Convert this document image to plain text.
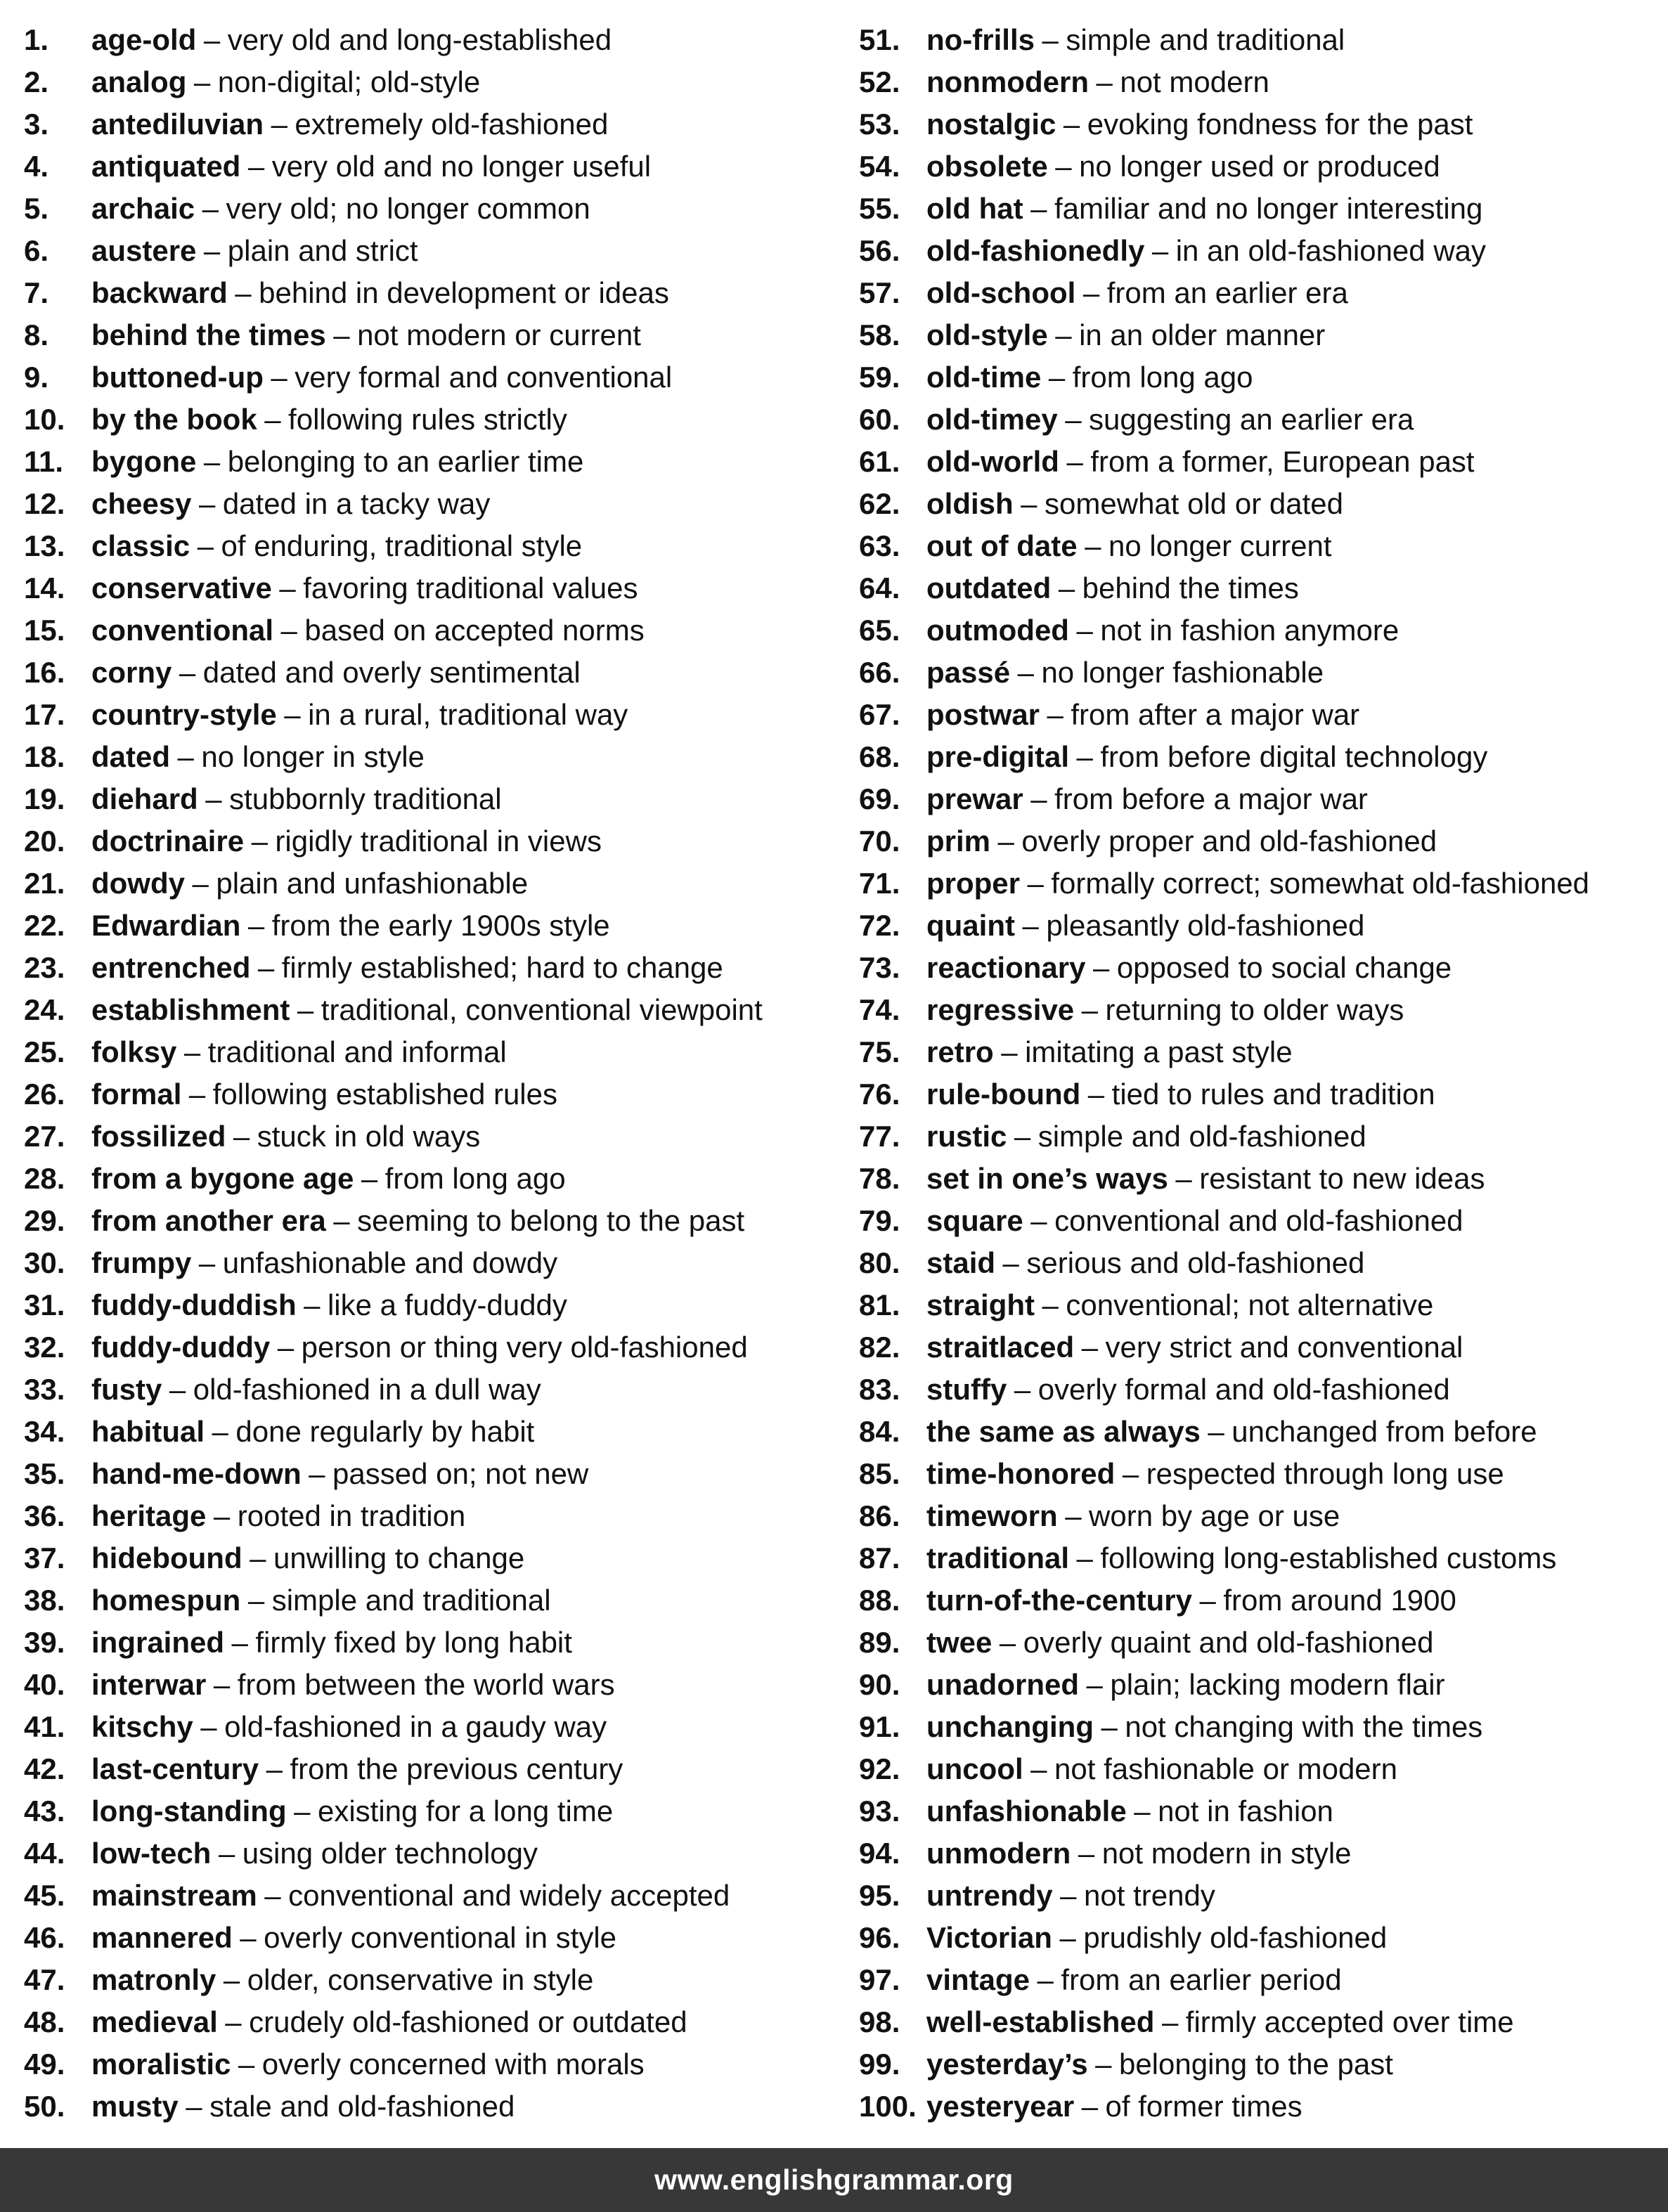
1.	age-old – very old and long-established
2.	analog – non-digital; old-style
3.	antediluvian – extremely old-fashioned
4.	antiquated – very old and no longer useful
5.	archaic – very old; no longer common
6.	austere – plain and strict
7.	backward – behind in development or ideas
8.	behind the times – not modern or current
9.	buttoned-up – very formal and conventional
10. by the book – following rules strictly
11. bygone – belonging to an earlier time
12. cheesy – dated in a tacky way
13. classic – of enduring, traditional style
14. conservative – favoring traditional values
15. conventional – based on accepted norms
16. corny – dated and overly sentimental
17. country-style – in a rural, traditional way
18. dated – no longer in style
19. diehard – stubbornly traditional
20. doctrinaire – rigidly traditional in views
21. dowdy – plain and unfashionable
22. Edwardian – from the early 1900s style
23. entrenched – firmly established; hard to change
24. establishment – traditional, conventional viewpoint
25. folksy – traditional and informal
26. formal – following established rules
27. fossilized – stuck in old ways
28. from a bygone age – from long ago
29. from another era – seeming to belong to the past
30. frumpy – unfashionable and dowdy
31. fuddy-duddish – like a fuddy-duddy
32. fuddy-duddy – person or thing very old-fashioned
33. fusty – old-fashioned in a dull way
34. habitual – done regularly by habit
35. hand-me-down – passed on; not new
36. heritage – rooted in tradition
37. hidebound – unwilling to change
38. homespun – simple and traditional
39. ingrained – firmly fixed by long habit
40. interwar – from between the world wars
41. kitschy – old-fashioned in a gaudy way
42. last-century – from the previous century
43. long-standing – existing for a long time
44. low-tech – using older technology
45. mainstream – conventional and widely accepted
46. mannered – overly conventional in style
47. matronly – older, conservative in style
48. medieval – crudely old-fashioned or outdated
49. moralistic – overly concerned with morals
50. musty – stale and old-fashioned
51. no-frills – simple and traditional
52. nonmodern – not modern
53. nostalgic – evoking fondness for the past
54. obsolete – no longer used or produced
55. old hat – familiar and no longer interesting
56. old-fashionedly – in an old-fashioned way
57. old-school – from an earlier era
58. old-style – in an older manner
59. old-time – from long ago
60. old-timey – suggesting an earlier era
61. old-world – from a former, European past
62. oldish – somewhat old or dated
63. out of date – no longer current
64. outdated – behind the times
65. outmoded – not in fashion anymore
66. passé – no longer fashionable
67. postwar – from after a major war
68. pre-digital – from before digital technology
69. prewar – from before a major war
70. prim – overly proper and old-fashioned
71. proper – formally correct; somewhat old-fashioned
72. quaint – pleasantly old-fashioned
73. reactionary – opposed to social change
74. regressive – returning to older ways
75. retro – imitating a past style
76. rule-bound – tied to rules and tradition
77. rustic – simple and old-fashioned
78. set in one’s ways – resistant to new ideas
79. square – conventional and old-fashioned
80. staid – serious and old-fashioned
81. straight – conventional; not alternative
82. straitlaced – very strict and conventional
83. stuffy – overly formal and old-fashioned
84. the same as always – unchanged from before
85. time-honored – respected through long use
86. timeworn – worn by age or use
87. traditional – following long-established customs
88. turn-of-the-century – from around 1900
89. twee – overly quaint and old-fashioned
90. unadorned – plain; lacking modern flair
91. unchanging – not changing with the times
92. uncool – not fashionable or modern
93. unfashionable – not in fashion
94. unmodern – not modern in style
95. untrendy – not trendy
96. Victorian – prudishly old-fashioned
97. vintage – from an earlier period
98. well-established – firmly accepted over time
99. yesterday’s – belonging to the past
100. yesteryear – of former times
www.englishgrammar.org
